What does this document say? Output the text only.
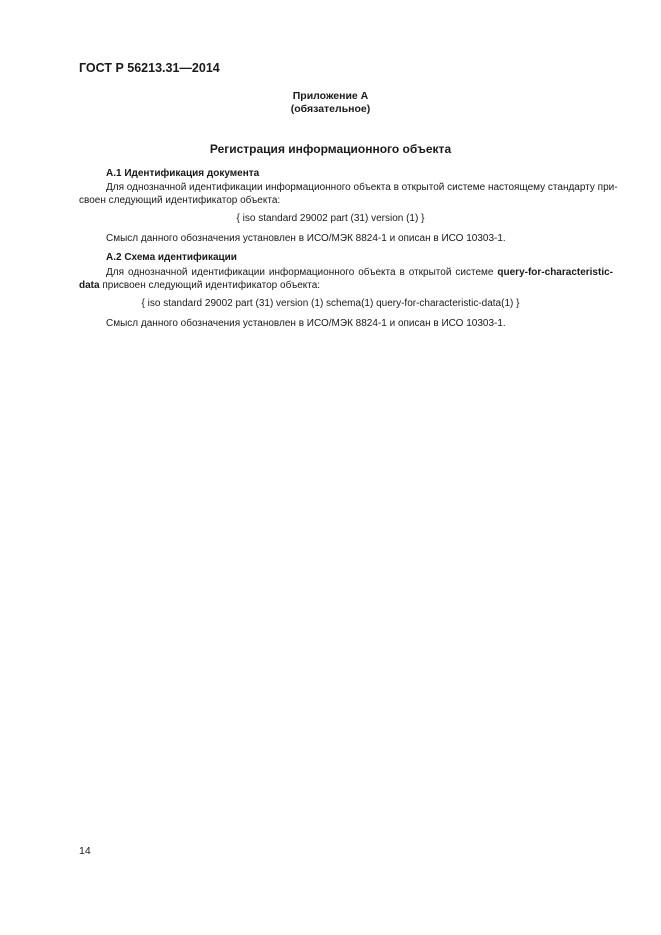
ГОСТ Р 56213.31—2014
Приложение А
(обязательное)
Регистрация информационного объекта
А.1 Идентификация документа
Для однозначной идентификации информационного объекта в открытой системе настоящему стандарту при-
своен следующий идентификатор объекта:
{ iso standard 29002 part (31) version (1) }
Смысл данного обозначения установлен в ИСО/МЭК 8824-1 и описан в ИСО 10303-1.
А.2 Схема идентификации
Для однозначной идентификации информационного объекта в открытой системе query-for-characteristic-
data присвоен следующий идентификатор объекта:
{ iso standard 29002 part (31) version (1) schema(1) query-for-characteristic-data(1) }
Смысл данного обозначения установлен в ИСО/МЭК 8824-1 и описан в ИСО 10303-1.
14
